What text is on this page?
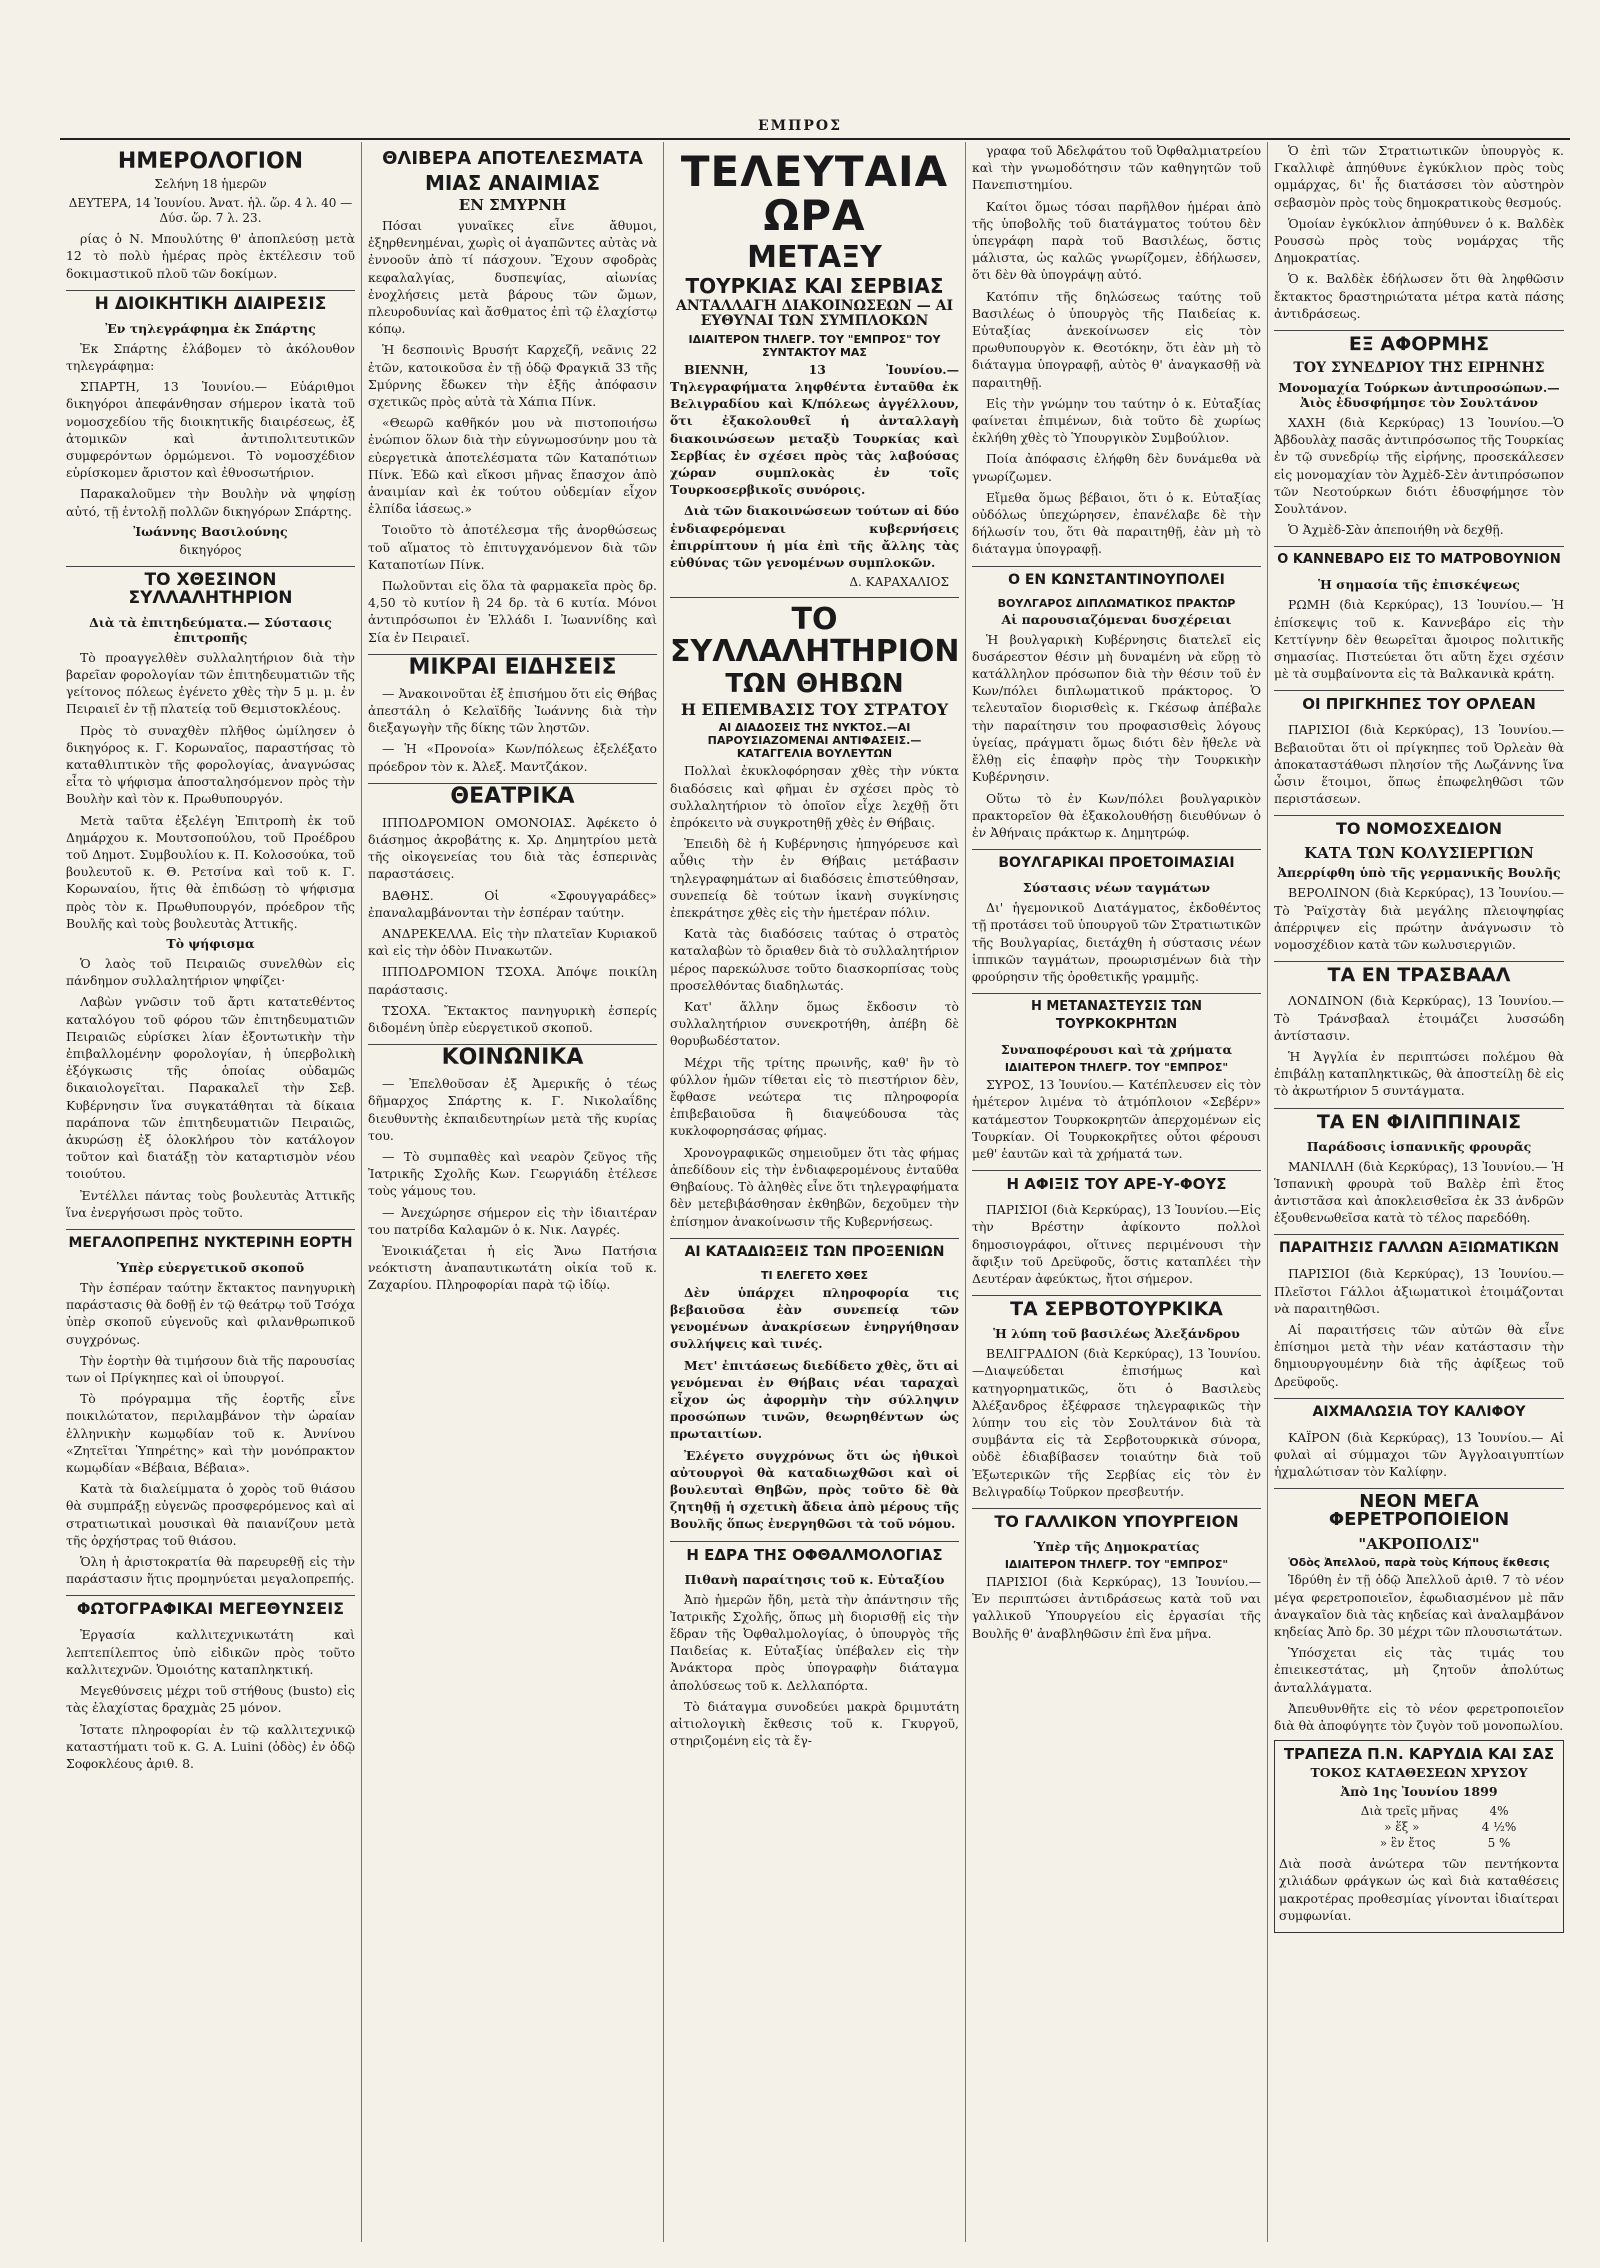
ΕΜΠΡΟΣ
ΗΜΕΡΟΛΟΓΙΟΝ
Σελήνη 18 ἡμερῶν
ΔΕΥΤΕΡΑ, 14 Ἰουνίου. Ἀνατ. ἡλ. ὥρ. 4 λ. 40 —Δύσ. ὥρ. 7 λ. 23.
ρίας ὁ Ν. Μπουλύτης θ' ἀποπλεύσῃ μετὰ 12 τὸ πολὺ ἡμέρας πρὸς ἐκτέλεσιν τοῦ δοκιμαστικοῦ πλοῦ τῶν δοκίμων.
Η ΔΙΟΙΚΗΤΙΚΗ ΔΙΑΙΡΕΣΙΣ
Ἐν τηλεγράφημα ἐκ Σπάρτης
Ἐκ Σπάρτης ἐλάβομεν τὸ ἀκόλουθον τηλεγράφημα:
ΣΠΑΡΤΗ, 13 Ἰουνίου.— Εὐάριθμοι δικηγόροι ἀπεφάνθησαν σήμερον ἰκατὰ τοῦ νομοσχεδίου τῆς διοικητικῆς διαιρέσεως, ἐξ ἀτομικῶν καὶ ἀντιπολιτευτικῶν συμφερόντων ὁρμώμενοι. Τὸ νομοσχέδιον εὑρίσκομεν ἄριστον καὶ ἐθνοσωτήριον.
Παρακαλοῦμεν τὴν Βουλὴν νὰ ψηφίσῃ αὐτό, τῇ ἐντολῇ πολλῶν δικηγόρων Σπάρτης.
Ἰωάννης Βασιλούνης
δικηγόρος
ΤΟ ΧΘΕΣΙΝΟΝ ΣΥΛΛΑΛΗΤΗΡΙΟΝ
Διὰ τὰ ἐπιτηδεύματα.— Σύστασις ἐπιτροπῆς
Τὸ προαγγελθὲν συλλαλητήριον διὰ τὴν βαρεῖαν φορολογίαν τῶν ἐπιτηδευματιῶν τῆς γείτονος πόλεως ἐγένετο χθὲς τὴν 5 μ. μ. ἐν Πειραιεῖ ἐν τῇ πλατείᾳ τοῦ Θεμιστοκλέους.
Πρὸς τὸ συναχθὲν πλῆθος ὡμίλησεν ὁ δικηγόρος κ. Γ. Κορωναῖος, παραστήσας τὸ καταθλιπτικὸν τῆς φορολογίας, ἀναγνώσας εἶτα τὸ ψήφισμα ἀποσταλησόμενον πρὸς τὴν Βουλὴν καὶ τὸν κ. Πρωθυπουργόν.
Μετὰ ταῦτα ἐξελέγη Ἐπιτροπὴ ἐκ τοῦ Δημάρχου κ. Μουτσοπούλου, τοῦ Προέδρου τοῦ Δημοτ. Συμβουλίου κ. Π. Κολοσούκα, τοῦ βουλευτοῦ κ. Θ. Ρετσίνα καὶ τοῦ κ. Γ. Κορωναίου, ἥτις θὰ ἐπιδώσῃ τὸ ψήφισμα πρὸς τὸν κ. Πρωθυπουργόν, πρόεδρον τῆς Βουλῆς καὶ τοὺς βουλευτὰς Ἀττικῆς.
Τὸ ψήφισμα
Ὁ λαὸς τοῦ Πειραιῶς συνελθὼν εἰς πάνδημον συλλαλητήριον ψηφίζει·
Λαβὼν γνῶσιν τοῦ ἄρτι κατατεθέντος καταλόγου τοῦ φόρου τῶν ἐπιτηδευματιῶν Πειραιῶς εὑρίσκει λίαν ἐξοντωτικὴν τὴν ἐπιβαλλομένην φορολογίαν, ἡ ὑπερβολικὴ ἐξόγκωσις τῆς ὁποίας οὐδαμῶς δικαιολογεῖται. Παρακαλεῖ τὴν Σεβ. Κυβέρνησιν ἵνα συγκατάθηται τὰ δίκαια παράπονα τῶν ἐπιτηδευματιῶν Πειραιῶς, ἀκυρώσῃ ἐξ ὁλοκλήρου τὸν κατάλογον τοῦτον καὶ διατάξῃ τὸν καταρτισμὸν νέου τοιούτου.
Ἐντέλλει πάντας τοὺς βουλευτὰς Ἀττικῆς ἵνα ἐνεργήσωσι πρὸς τοῦτο.
ΜΕΓΑΛΟΠΡΕΠΗΣ ΝΥΚΤΕΡΙΝΗ ΕΟΡΤΗ
Ὑπὲρ εὐεργετικοῦ σκοποῦ
Τὴν ἑσπέραν ταύτην ἔκτακτος πανηγυρικὴ παράστασις θὰ δοθῇ ἐν τῷ θεάτρῳ τοῦ Τσόχα ὑπὲρ σκοποῦ εὐγενοῦς καὶ φιλανθρωπικοῦ συγχρόνως.
Τὴν ἑορτὴν θὰ τιμήσουν διὰ τῆς παρουσίας των οἱ Πρίγκηπες καὶ οἱ ὑπουργοί.
Τὸ πρόγραμμα τῆς ἑορτῆς εἶνε ποικιλώτατον, περιλαμβάνον τὴν ὡραίαν ἑλληνικὴν κωμῳδίαν τοῦ κ. Ἀννίνου «Ζητεῖται Ὑπηρέτης» καὶ τὴν μονόπρακτον κωμῳδίαν «Βέβαια, Βέβαια».
Κατὰ τὰ διαλείμματα ὁ χορὸς τοῦ θιάσου θὰ συμπράξῃ εὐγενῶς προσφερόμενος καὶ αἱ στρατιωτικαὶ μουσικαὶ θὰ παιανίζουν μετὰ τῆς ὀρχήστρας τοῦ θιάσου.
Ὁλη ἡ ἀριστοκρατία θὰ παρευρεθῇ εἰς τὴν παράστασιν ἥτις προμηνύεται μεγαλοπρεπής.
ΦΩΤΟΓΡΑΦΙΚΑΙ ΜΕΓΕΘΥΝΣΕΙΣ
Ἐργασία καλλιτεχνικωτάτη καὶ λεπτεπίλεπτος ὑπὸ εἰδικῶν πρὸς τοῦτο καλλιτεχνῶν. Ὁμοιότης καταπληκτική.
Μεγεθύνσεις μέχρι τοῦ στήθους (busto) εἰς τὰς ἐλαχίστας δραχμὰς 25 μόνον.
Ἰστατε πληροφορίαι ἐν τῷ καλλιτεχνικῷ καταστήματι τοῦ κ. G. A. Luini (ὁδὸς) ἐν ὁδῷ Σοφοκλέους ἀριθ. 8.
ΘΛΙΒΕΡΑ ΑΠΟΤΕΛΕΣΜΑΤΑ
ΜΙΑΣ ΑΝΑΙΜΙΑΣ
ΕΝ ΣΜΥΡΝΗ
Πόσαι γυναῖκες εἶνε ἄθυμοι, ἐξηρθενημέναι, χωρὶς οἱ ἀγαπῶντες αὐτὰς νὰ ἐννοοῦν ἀπὸ τί πάσχουν. Ἔχουν σφοδρὰς κεφαλαλγίας, δυσπεψίας, αἰωνίας ἐνοχλήσεις μετὰ βάρους τῶν ὤμων, πλευροδυνίας καὶ ἄσθματος ἐπὶ τῷ ἐλαχίστῳ κόπῳ.
Ἡ δεσποινὶς Βρυσήτ Καρχεζῆ, νεᾶνις 22 ἐτῶν, κατοικοῦσα ἐν τῇ ὁδῷ Φραγκιᾶ 33 τῆς Σμύρνης ἔδωκεν τὴν ἑξῆς ἀπόφασιν σχετικῶς πρὸς αὐτὰ τὰ Χάπια Πίνκ.
«Θεωρῶ καθῆκόν μου νὰ πιστοποιήσω ἐνώπιον ὅλων διὰ τὴν εὐγνωμοσύνην μου τὰ εὐεργετικὰ ἀποτελέσματα τῶν Καταπότιων Πίνκ. Ἐδῶ καὶ εἴκοσι μῆνας ἔπασχον ἀπὸ ἀναιμίαν καὶ ἐκ τούτου οὐδεμίαν εἶχον ἐλπίδα ἰάσεως.»
Τοιοῦτο τὸ ἀποτέλεσμα τῆς ἀνορθώσεως τοῦ αἵματος τὸ ἐπιτυγχανόμενον διὰ τῶν Καταποτίων Πίνκ.
Πωλοῦνται εἰς ὅλα τὰ φαρμακεῖα πρὸς δρ. 4,50 τὸ κυτίον ἢ 24 δρ. τὰ 6 κυτία. Μόνοι ἀντιπρόσωποι ἐν Ἑλλάδι Ι. Ἰωαννίδης καὶ Σία ἐν Πειραιεῖ.
ΜΙΚΡΑΙ ΕΙΔΗΣΕΙΣ
— Ἀνακοινοῦται ἐξ ἐπισήμου ὅτι εἰς Θήβας ἀπεστάλη ὁ Κελαϊδῆς Ἰωάννης διὰ τὴν διεξαγωγὴν τῆς δίκης τῶν ληστῶν.
— Ἡ «Προνοία» Κων/πόλεως ἐξελέξατο πρόεδρον τὸν κ. Ἀλεξ. Μαντζάκον.
ΘΕΑΤΡΙΚΑ
ΙΠΠΟΔΡΟΜΙΟΝ ΟΜΟΝΟΙΑΣ. Ἀφέκετο ὁ διάσημος ἀκροβάτης κ. Χρ. Δημητρίου μετὰ τῆς οἰκογενείας του διὰ τὰς ἑσπερινὰς παραστάσεις.
ΒΑΘΗΣ. Οἱ «Σφουγγαράδες» ἐπαναλαμβάνονται τὴν ἑσπέραν ταύτην.
ΑΝΔΡΕΚΕΛΛΑ. Εἰς τὴν πλατεῖαν Κυριακοῦ καὶ εἰς τὴν ὁδὸν Πινακωτῶν.
ΙΠΠΟΔΡΟΜΙΟΝ ΤΣΟΧΑ. Ἀπόψε ποικίλη παράστασις.
ΤΣΟΧΑ. Ἔκτακτος πανηγυρικὴ ἑσπερίς διδομένη ὑπὲρ εὐεργετικοῦ σκοποῦ.
ΚΟΙΝΩΝΙΚΑ
— Ἐπελθοῦσαν ἐξ Ἀμερικῆς ὁ τέως δῆμαρχος Σπάρτης κ. Γ. Νικολαΐδης διευθυντὴς ἐκπαιδευτηρίων μετὰ τῆς κυρίας του.
— Τὸ συμπαθὲς καὶ νεαρὸν ζεῦγος τῆς Ἰατρικῆς Σχολῆς Κων. Γεωργιάδη ἐτέλεσε τοὺς γάμους του.
— Ἀνεχώρησε σήμερον εἰς τὴν ἰδιαιτέραν του πατρίδα Καλαμῶν ὁ κ. Νικ. Λαγρές.
Ἐνοικιάζεται ἡ εἰς Ἄνω Πατήσια νεόκτιστη ἀναπαυτικωτάτη οἰκία τοῦ κ. Ζαχαρίου. Πληροφορίαι παρὰ τῷ ἰδίῳ.
ΤΕΛΕΥΤΑΙΑ ΩΡΑ
ΜΕΤΑΞΥ
ΤΟΥΡΚΙΑΣ ΚΑΙ ΣΕΡΒΙΑΣ
ΑΝΤΑΛΛΑΓΗ ΔΙΑΚΟΙΝΩΣΕΩΝ — ΑΙ ΕΥΘΥΝΑΙ ΤΩΝ ΣΥΜΠΛΟΚΩΝ
ΙΔΙΑΙΤΕΡΟΝ ΤΗΛΕΓΡ. ΤΟΥ "ΕΜΠΡΟΣ" ΤΟΥ ΣΥΝΤΑΚΤΟΥ ΜΑΣ
ΒΙΕΝΝΗ, 13 Ἰουνίου.— Τηλεγραφήματα ληφθέντα ἐνταῦθα ἐκ Βελιγραδίου καὶ Κ/πόλεως ἀγγέλλουν, ὅτι ἐξακολουθεῖ ἡ ἀνταλλαγὴ διακοινώσεων μεταξὺ Τουρκίας καὶ Σερβίας ἐν σχέσει πρὸς τὰς λαβούσας χώραν συμπλοκὰς ἐν τοῖς Τουρκοσερβικοῖς συνόροις.
Διὰ τῶν διακοινώσεων τούτων αἱ δύο ἐνδιαφερόμεναι κυβερνήσεις ἐπιρρίπτουν ἡ μία ἐπὶ τῆς ἄλλης τὰς εὐθύνας τῶν γενομένων συμπλοκῶν.
Δ. ΚΑΡΑΧΑΛΙΟΣ
ΤΟ ΣΥΛΛΑΛΗΤΗΡΙΟΝ
ΤΩΝ ΘΗΒΩΝ
Η ΕΠΕΜΒΑΣΙΣ ΤΟΥ ΣΤΡΑΤΟΥ
ΑΙ ΔΙΑΔΟΣΕΙΣ ΤΗΣ ΝΥΚΤΟΣ.—ΑΙ ΠΑΡΟΥΣΙΑΖΟΜΕΝΑΙ ΑΝΤΙΦΑΣΕΙΣ.—ΚΑΤΑΓΓΕΛΙΑ ΒΟΥΛΕΥΤΩΝ
Πολλαὶ ἐκυκλοφόρησαν χθὲς τὴν νύκτα διαδόσεις καὶ φῆμαι ἐν σχέσει πρὸς τὸ συλλαλητήριον τὸ ὁποῖον εἶχε λεχθῇ ὅτι ἐπρόκειτο νὰ συγκροτηθῇ χθὲς ἐν Θήβαις.
Ἐπειδὴ δὲ ἡ Κυβέρνησις ἠπηγόρευσε καὶ αὖθις τὴν ἐν Θήβαις μετάβασιν τηλεγραφημάτων αἱ διαδόσεις ἐπιστεύθησαν, συνεπείᾳ δὲ τούτων ἱκανὴ συγκίνησις ἐπεκράτησε χθὲς εἰς τὴν ἡμετέραν πόλιν.
Κατὰ τὰς διαδόσεις ταύτας ὁ στρατὸς καταλαβὼν τὸ ὄριαθεν διὰ τὸ συλλαλητήριον μέρος παρεκώλυσε τοῦτο διασκορπίσας τοὺς προσελθόντας διαδηλωτάς.
Κατ' ἄλλην ὅμως ἔκδοσιν τὸ συλλαλητήριον συνεκροτήθη, ἀπέβη δὲ θορυβωδέστατον.
Μέχρι τῆς τρίτης πρωινῆς, καθ' ἣν τὸ φύλλον ἡμῶν τίθεται εἰς τὸ πιεστήριον δὲν, ἔφθασε νεώτερα τις πληροφορία ἐπιβεβαιοῦσα ἢ διαψεύδουσα τὰς κυκλοφορησάσας φήμας.
Χρονογραφικῶς σημειοῦμεν ὅτι τὰς φήμας ἀπεδίδουν εἰς τὴν ἐνδιαφερομένους ἐνταῦθα Θηβαίους. Τὸ ἀληθὲς εἶνε ὅτι τηλεγραφήματα δὲν μετεβιβάσθησαν ἐκθηβῶν, δεχοῦμεν τὴν ἐπίσημον ἀνακοίνωσιν τῆς Κυβερνήσεως.
ΑΙ ΚΑΤΑΔΙΩΞΕΙΣ ΤΩΝ ΠΡΟΞΕΝΙΩΝ
ΤΙ ΕΛΕΓΕΤΟ ΧΘΕΣ
Δὲν ὑπάρχει πληροφορία τις βεβαιοῦσα ἐὰν συνεπείᾳ τῶν γενομένων ἀνακρίσεων ἐνηργήθησαν συλλήψεις καὶ τινές.
Μετ' ἐπιτάσεως διεδίδετο χθὲς, ὅτι αἱ γενόμεναι ἐν Θήβαις νέαι ταραχαὶ εἶχον ὡς ἀφορμὴν τὴν σύλληψιν προσώπων τινῶν, θεωρηθέντων ὡς πρωταιτίων.
Ἐλέγετο συγχρόνως ὅτι ὡς ἠθικοὶ αὐτουργοὶ θὰ καταδιωχθῶσι καὶ οἱ βουλευταὶ Θηβῶν, πρὸς τοῦτο δὲ θὰ ζητηθῇ ἡ σχετικὴ ἄδεια ἀπὸ μέρους τῆς Βουλῆς ὅπως ἐνεργηθῶσι τὰ τοῦ νόμου.
Η ΕΔΡΑ ΤΗΣ ΟΦΘΑΛΜΟΛΟΓΙΑΣ
Πιθανὴ παραίτησις τοῦ κ. Εὐταξίου
Ἀπὸ ἡμερῶν ἤδη, μετὰ τὴν ἀπάντησιν τῆς Ἰατρικῆς Σχολῆς, ὅπως μὴ διορισθῇ εἰς τὴν ἕδραν τῆς Ὀφθαλμολογίας, ὁ ὑπουργὸς τῆς Παιδείας κ. Εὐταξίας ὑπέβαλεν εἰς τὴν Ἀνάκτορα πρὸς ὑπογραφὴν διάταγμα ἀπολύσεως τοῦ κ. Δελλαπόρτα.
Τὸ διάταγμα συνοδεύει μακρὰ δριμυτάτη αἰτιολογικὴ ἔκθεσις τοῦ κ. Γκυργοῦ, στηριζομένη εἰς τὰ ἔγ-
γραφα τοῦ Ἀδελφάτου τοῦ Ὀφθαλμιατρείου καὶ τὴν γνωμοδότησιν τῶν καθηγητῶν τοῦ Πανεπιστημίου.
Καίτοι ὅμως τόσαι παρῆλθον ἡμέραι ἀπὸ τῆς ὑποβολῆς τοῦ διατάγματος τούτου δὲν ὑπεγράφη παρὰ τοῦ Βασιλέως, ὅστις μάλιστα, ὡς καλῶς γνωρίζομεν, ἐδήλωσεν, ὅτι δὲν θὰ ὑπογράψῃ αὐτό.
Κατόπιν τῆς δηλώσεως ταύτης τοῦ Βασιλέως ὁ ὑπουργὸς τῆς Παιδείας κ. Εὐταξίας ἀνεκοίνωσεν εἰς τὸν πρωθυπουργὸν κ. Θεοτόκην, ὅτι ἐὰν μὴ τὸ διάταγμα ὑπογραφῇ, αὐτὸς θ' ἀναγκασθῇ νὰ παραιτηθῇ.
Εἰς τὴν γνώμην του ταύτην ὁ κ. Εὐταξίας φαίνεται ἐπιμένων, διὰ τοῦτο δὲ χωρίως ἐκλήθη χθὲς τὸ Ὑπουργικὸν Συμβούλιον.
Ποία ἀπόφασις ἐλήφθη δὲν δυνάμεθα νὰ γνωρίζωμεν.
Εἴμεθα ὅμως βέβαιοι, ὅτι ὁ κ. Εὐταξίας οὐδόλως ὑπεχώρησεν, ἐπανέλαβε δὲ τὴν δήλωσίν του, ὅτι θὰ παραιτηθῇ, ἐὰν μὴ τὸ διάταγμα ὑπογραφῇ.
Ο ΕΝ ΚΩΝΣΤΑΝΤΙΝΟΥΠΟΛΕΙ
ΒΟΥΛΓΑΡΟΣ ΔΙΠΛΩΜΑΤΙΚΟΣ ΠΡΑΚΤΩΡ
Αἱ παρουσιαζόμεναι δυσχέρειαι
Ἡ βουλγαρικὴ Κυβέρνησις διατελεῖ εἰς δυσάρεστον θέσιν μὴ δυναμένη νὰ εὕρῃ τὸ κατάλληλον πρόσωπον διὰ τὴν θέσιν τοῦ ἐν Κων/πόλει διπλωματικοῦ πράκτορος. Ὁ τελευταῖον διορισθεὶς κ. Γκέσωφ ἀπέβαλε τὴν παραίτησιν του προφασισθεὶς λόγους ὑγείας, πράγματι ὅμως διότι δὲν ἤθελε νὰ ἔλθῃ εἰς ἐπαφὴν πρὸς τὴν Τουρκικὴν Κυβέρνησιν.
Οὕτω τὸ ἐν Κων/πόλει βουλγαρικὸν πρακτορεῖον θὰ ἐξακολουθήσῃ διευθύνων ὁ ἐν Ἀθήναις πράκτωρ κ. Δημητρώφ.
ΒΟΥΛΓΑΡΙΚΑΙ ΠΡΟΕΤΟΙΜΑΣΙΑΙ
Σύστασις νέων ταγμάτων
Δι' ἡγεμονικοῦ Διατάγματος, ἐκδοθέντος τῇ προτάσει τοῦ ὑπουργοῦ τῶν Στρατιωτικῶν τῆς Βουλγαρίας, διετάχθη ἡ σύστασις νέων ἱππικῶν ταγμάτων, προωρισμένων διὰ τὴν φρούρησιν τῆς ὀροθετικῆς γραμμῆς.
Η ΜΕΤΑΝΑΣΤΕΥΣΙΣ ΤΩΝ ΤΟΥΡΚΟΚΡΗΤΩΝ
Συναποφέρουσι καὶ τὰ χρήματα
ΙΔΙΑΙΤΕΡΟΝ ΤΗΛΕΓΡ. ΤΟΥ "ΕΜΠΡΟΣ"
ΣΥΡΟΣ, 13 Ἰουνίου.— Κατέπλευσεν εἰς τὸν ἡμέτερον λιμένα τὸ ἀτμόπλοιον «Σεβέρν» κατάμεστον Τουρκοκρητῶν ἀπερχομένων εἰς Τουρκίαν. Οἱ Τουρκοκρῆτες οὗτοι φέρουσι μεθ' ἑαυτῶν καὶ τὰ χρήματά των.
Η ΑΦΙΞΙΣ ΤΟΥ ΑΡΕ-Υ-ΦΟΥΣ
ΠΑΡΙΣΙΟΙ (διὰ Κερκύρας), 13 Ἰουνίου.—Εἰς τὴν Βρέστην ἀφίκοντο πολλοὶ δημοσιογράφοι, οἵτινες περιμένουσι τὴν ἄφιξιν τοῦ Δρεϋφοῦς, ὅστις καταπλέει τὴν Δευτέραν ἀφεύκτως, ἤτοι σήμερον.
ΤΑ ΣΕΡΒΟΤΟΥΡΚΙΚΑ
Ἡ λύπη τοῦ βασιλέως Ἀλεξάνδρου
ΒΕΛΙΓΡΑΔΙΟΝ (διὰ Κερκύρας), 13 Ἰουνίου.—Διαψεύδεται ἐπισήμως καὶ κατηγορηματικῶς, ὅτι ὁ Βασιλεὺς Ἀλέξανδρος ἐξέφρασε τηλεγραφικῶς τὴν λύπην του εἰς τὸν Σουλτάνον διὰ τὰ συμβάντα εἰς τὰ Σερβοτουρκικὰ σύνορα, οὐδὲ ἐδιαβίβασεν τοιαύτην διὰ τοῦ Ἐξωτερικῶν τῆς Σερβίας εἰς τὸν ἐν Βελιγραδίῳ Τοῦρκον πρεσβευτήν.
ΤΟ ΓΑΛΛΙΚΟΝ ΥΠΟΥΡΓΕΙΟΝ
Ὑπὲρ τῆς Δημοκρατίας
ΙΔΙΑΙΤΕΡΟΝ ΤΗΛΕΓΡ. ΤΟΥ "ΕΜΠΡΟΣ"
ΠΑΡΙΣΙΟΙ (διὰ Κερκύρας), 13 Ἰουνίου.— Ἐν περιπτώσει ἀντιδράσεως κατὰ τοῦ ναι γαλλικοῦ Ὑπουργείου εἰς ἐργασίαι τῆς Βουλῆς θ' ἀναβληθῶσιν ἐπὶ ἕνα μῆνα.
Ὁ ἐπὶ τῶν Στρατιωτικῶν ὑπουργὸς κ. Γκαλλιφὲ ἀπηύθυνε ἐγκύκλιον πρὸς τοὺς ομμάρχας, δι' ἧς διατάσσει τὸν αὐστηρὸν σεβασμὸν πρὸς τοὺς δημοκρατικοὺς θεσμούς.
Ὁμοίαν ἐγκύκλιον ἀπηύθυνεν ὁ κ. Βαλδὲκ Ρουσσὼ πρὸς τοὺς νομάρχας τῆς Δημοκρατίας.
Ὁ κ. Βαλδὲκ ἐδήλωσεν ὅτι θὰ ληφθῶσιν ἔκτακτος δραστηριώτατα μέτρα κατὰ πάσης ἀντιδράσεως.
ΕΞ ΑΦΟΡΜΗΣ
ΤΟΥ ΣΥΝΕΔΡΙΟΥ ΤΗΣ ΕΙΡΗΝΗΣ
Μονομαχία Τούρκων ἀντιπροσώπων.—Ἀιὸς ἐδυσφήμησε τὸν Σουλτάνον
ΧΑΧΗ (διὰ Κερκύρας) 13 Ἰουνίου.—Ὁ Ἀβδουλὰχ πασᾶς ἀντιπρόσωπος τῆς Τουρκίας ἐν τῷ συνεδρίῳ τῆς εἰρήνης, προσεκάλεσεν εἰς μονομαχίαν τὸν Ἀχμὲδ-Σὲν ἀντιπρόσωπον τῶν Νεοτούρκων διότι ἐδυσφήμησε τὸν Σουλτάνον.
Ὁ Ἀχμὲδ-Σὰν ἀπεποιήθη νὰ δεχθῇ.
Ο ΚΑΝΝΕΒΑΡΟ ΕΙΣ ΤΟ ΜΑΤΡΟΒΟΥΝΙΟΝ
Ἡ σημασία τῆς ἐπισκέψεως
ΡΩΜΗ (διὰ Κερκύρας), 13 Ἰουνίου.— Ἡ ἐπίσκεψις τοῦ κ. Καννεβάρο εἰς τὴν Κεττίγνην δὲν θεωρεῖται ἄμοιρος πολιτικῆς σημασίας. Πιστεύεται ὅτι αὕτη ἔχει σχέσιν μὲ τὰ συμβαίνοντα εἰς τὰ Βαλκανικὰ κράτη.
ΟΙ ΠΡΙΓΚΗΠΕΣ ΤΟΥ ΟΡΛΕΑΝ
ΠΑΡΙΣΙΟΙ (διὰ Κερκύρας), 13 Ἰουνίου.— Βεβαιοῦται ὅτι οἱ πρίγκηπες τοῦ Ὀρλεὰν θὰ ἀποκαταστάθωσι πλησίον τῆς Λωζάννης ἵνα ὦσιν ἕτοιμοι, ὅπως ἐπωφεληθῶσι τῶν περιστάσεων.
ΤΟ ΝΟΜΟΣΧΕΔΙΟΝ
ΚΑΤΑ ΤΩΝ ΚΟΛΥΣΙΕΡΓΙΩΝ
Ἀπερρίφθη ὑπὸ τῆς γερμανικῆς Βουλῆς
ΒΕΡΟΛΙΝΟΝ (διὰ Κερκύρας), 13 Ἰουνίου.—Τὸ Ῥαϊχστὰγ διὰ μεγάλης πλειοψηφίας ἀπέρριψεν εἰς πρώτην ἀνάγνωσιν τὸ νομοσχέδιον κατὰ τῶν κωλυσιεργιῶν.
ΤΑ ΕΝ ΤΡΑΣΒΑΑΛ
ΛΟΝΔΙΝΟΝ (διὰ Κερκύρας), 13 Ἰουνίου.— Τὸ Τράνσβααλ ἑτοιμάζει λυσσώδη ἀντίστασιν.
Ἡ Ἀγγλία ἐν περιπτώσει πολέμου θὰ ἐπιβάλῃ καταπληκτικῶς, θὰ ἀποστείλῃ δὲ εἰς τὸ ἀκρωτήριον 5 συντάγματα.
ΤΑ ΕΝ ΦΙΛΙΠΠΙΝΑΙΣ
Παράδοσις ἱσπανικῆς φρουρᾶς
ΜΑΝΙΛΛΗ (διὰ Κερκύρας), 13 Ἰουνίου.— Ἡ Ἱσπανικὴ φρουρὰ τοῦ Βαλὲρ ἐπὶ ἔτος ἀντιστᾶσα καὶ ἀποκλεισθεῖσα ἐκ 33 ἀνδρῶν ἐξουθενωθεῖσα κατὰ τὸ τέλος παρεδόθη.
ΠΑΡΑΙΤΗΣΙΣ ΓΑΛΛΩΝ ΑΞΙΩΜΑΤΙΚΩΝ
ΠΑΡΙΣΙΟΙ (διὰ Κερκύρας), 13 Ἰουνίου.— Πλεῖστοι Γάλλοι ἀξιωματικοὶ ἑτοιμάζονται νὰ παραιτηθῶσι.
Αἱ παραιτήσεις τῶν αὐτῶν θὰ εἶνε ἐπίσημοι μετὰ τὴν νέαν κατάστασιν τὴν δημιουργουμένην διὰ τῆς ἀφίξεως τοῦ Δρεϋφοῦς.
ΑΙΧΜΑΛΩΣΙΑ ΤΟΥ ΚΑΛΙΦΟΥ
ΚΑΪΡΟΝ (διὰ Κερκύρας), 13 Ἰουνίου.— Αἱ φυλαὶ αἱ σύμμαχοι τῶν Ἀγγλοαιγυπτίων ἠχμαλώτισαν τὸν Καλίφην.
ΝΕΟΝ ΜΕΓΑ ΦΕΡΕΤΡΟΠΟΙΕΙΟΝ
"ΑΚΡΟΠΟΛΙΣ"
Ὁδὸς Ἀπελλοῦ, παρὰ τοὺς Κήπους ἔκθεσις
Ἱδρύθη ἐν τῇ ὁδῷ Ἀπελλοῦ ἀριθ. 7 τὸ νέον μέγα φερετροποιεῖον, ἐφωδιασμένον μὲ πᾶν ἀναγκαῖον διὰ τὰς κηδείας καὶ ἀναλαμβάνον κηδείας Ἀπὸ δρ. 30 μέχρι τῶν πλουσιωτάτων.
Ὑπόσχεται εἰς τὰς τιμάς του ἐπιεικεστάτας, μὴ ζητοῦν ἀπολύτως ἀνταλλάγματα.
Ἀπευθυνθῆτε εἰς τὸ νέον φερετροποιεῖον διὰ θὰ ἀποφύγητε τὸν ζυγὸν τοῦ μονοπωλίου.
ΤΡΑΠΕΖΑ Π.Ν. ΚΑΡΥΔΙΑ ΚΑΙ ΣΑΣ
ΤΟΚΟΣ ΚΑΤΑΘΕΣΕΩΝ ΧΡΥΣΟΥ
Ἀπὸ 1ης Ἰουνίου 1899
Διὰ τρεῖς μῆνας	4%
» ἕξ »	4 ½%
» ἓν ἔτος	5 %
Διὰ ποσὰ ἀνώτερα τῶν πεντήκοντα χιλιάδων φράγκων ὡς καὶ διὰ καταθέσεις μακροτέρας προθεσμίας γίνονται ἰδιαίτεραι συμφωνίαι.
